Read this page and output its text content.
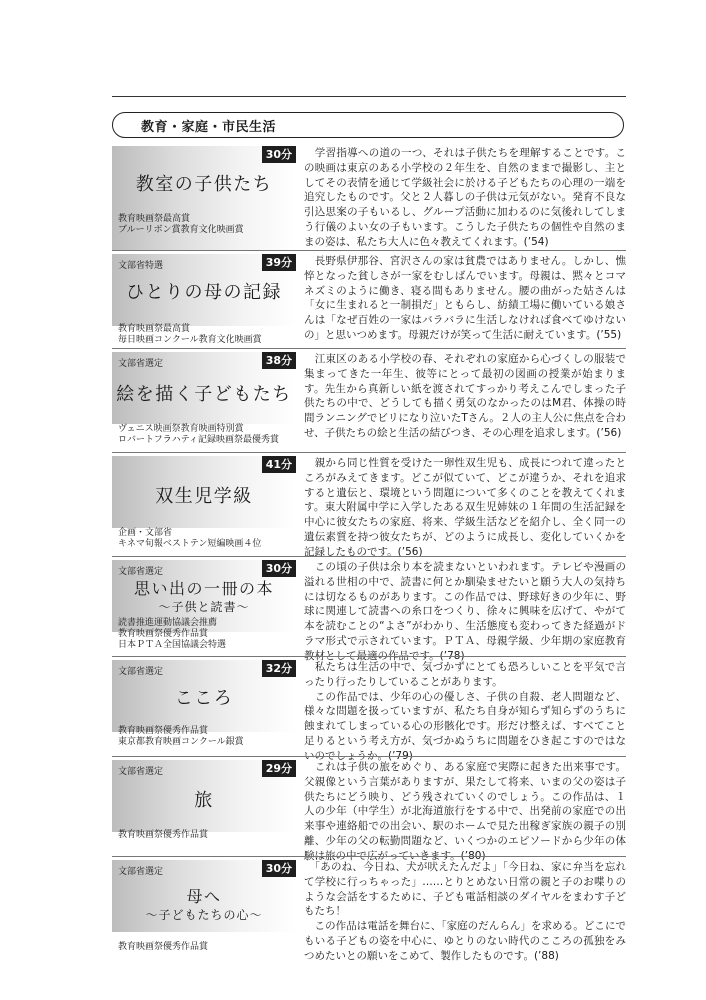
教育・家庭・市民生活
30分
教室の子供たち
教育映画祭最高賞
ブルーリボン賞教育文化映画賞

　学習指導への道の一つ、それは子供たちを理解することです。この映画は東京のある小学校の２年生を、自然のままで撮影し、主としてその表情を通じて学級社会に於ける子どもたちの心理の一端を追究したものです。父と２人暮しの子供は元気がない。発育不良な引込思案の子もいるし、グループ活動に加わるのに気後れしてしまう行儀のよい女の子もいます。こうした子供たちの個性や自然のままの姿は、私たち大人に色々教えてくれます。(’54)

文部省特選	39分
ひとりの母の記録
教育映画祭最高賞
毎日映画コンクール教育文化映画賞

　長野県伊那谷、宮沢さんの家は貧農ではありません。しかし、憔悴となった貧しさが一家をむしばんでいます。母親は、黙々とコマネズミのように働き、寝る間もありません。腰の曲がった姑さんは「女に生まれると一制損だ」ともらし、紡績工場に働いている娘さんは「なぜ百姓の一家はバラバラに生活しなければ食べてゆけないの」と思いつめます。母親だけが笑って生活に耐えています。(’55)

文部省選定	38分
絵を描く子どもたち
ヴェニス映画祭教育映画特別賞
ロバートフラハティ記録映画祭最優秀賞

　江東区のある小学校の春、それぞれの家庭から心づくしの服装で集まってきた一年生、彼等にとって最初の図画の授業が始まります。先生から真新しい紙を渡されてすっかり考えこんでしまった子供たちの中で、どうしても描く勇気のなかったのはM君、体操の時間ランニングでビリになり泣いたTさん。２人の主人公に焦点を合わせ、子供たちの絵と生活の結びつき、その心理を追求します。(’56)

41分
双生児学級
企画・文部省
キネマ旬報ベストテン短編映画４位

　親から同じ性質を受けた一卵性双生児も、成長につれて違ったところがみえてきます。どこが似ていて、どこが違うか、それを追求すると遺伝と、環境という問題について多くのことを教えてくれます。東大附属中学に入学したある双生児姉妹の１年間の生活記録を中心に彼女たちの家庭、将来、学級生活などを紹介し、全く同一の遺伝素質を持つ彼女たちが、どのように成長し、変化していくかを記録したものです。(’56)

文部省選定	30分
思い出の一冊の本
〜子供と読書〜
読書推進運動協議会推薦
教育映画祭優秀作品賞
日本ＰＴＡ全国協議会特選

　この頃の子供は余り本を読まないといわれます。テレビや漫画の溢れる世相の中で、読書に何とか馴染ませたいと願う大人の気持ちには切なるものがあります。この作品では、野球好きの少年に、野球に関連して読書への糸口をつくり、徐々に興味を広げて、やがて本を読むことの“よさ”がわかり、生活態度も変わってきた経過がドラマ形式で示されています。ＰＴＡ、母親学級、少年期の家庭教育教材として最適の作品です。(’78)

文部省選定	32分
こころ
教育映画祭優秀作品賞
東京都教育映画コンクール銀賞

　私たちは生活の中で、気づかずにとても恐ろしいことを平気で言ったり行ったりしていることがあります。
　この作品では、少年の心の優しさ、子供の自殺、老人問題など、様々な問題を扱っていますが、私たち自身が知らず知らずのうちに蝕まれてしまっている心の形骸化です。形だけ整えば、すべてこと足りるという考え方が、気づかぬうちに問題をひき起こすのではないのでしょうか。(’79)

文部省選定	29分
旅
教育映画祭優秀作品賞

　これは子供の旅をめぐり、ある家庭で実際に起きた出来事です。父親像という言葉がありますが、果たして将来、いまの父の姿は子供たちにどう映り、どう残されていくのでしょう。この作品は、１人の少年（中学生）が北海道旅行をする中で、出発前の家庭での出来事や連絡船での出会い、駅のホームで見た出稼ぎ家族の親子の別離、少年の父の転勤問題など、いくつかのエピソードから少年の体験は旅の中で広がっていきます。(’80)

文部省選定	30分
母へ
〜子どもたちの心〜
教育映画祭優秀作品賞

　「あのね、今日ね、犬が吠えたんだよ」「今日ね、家に弁当を忘れて学校に行っちゃった」……とりとめない日常の親と子のお喋りのような会話をするために、子ども電話相談のダイヤルをまわす子どもたち！
　この作品は電話を舞台に、「家庭のだんらん」を求める。どこにでもいる子どもの姿を中心に、ゆとりのない時代のこころの孤独をみつめたいとの願いをこめて、製作したものです。(’88)
